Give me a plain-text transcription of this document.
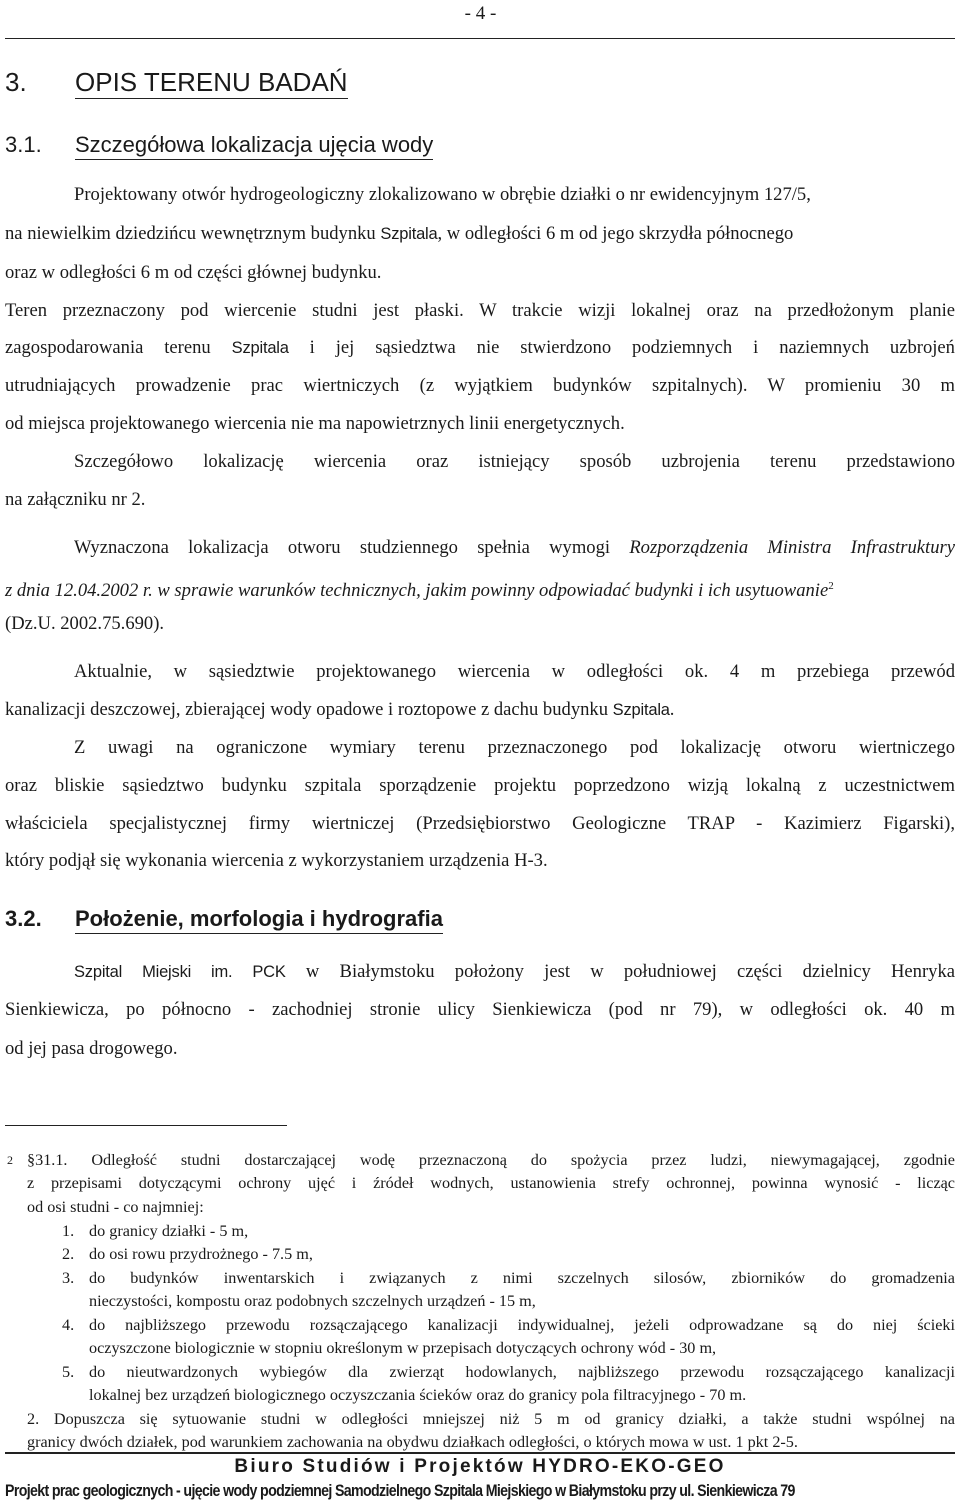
- 4 -
3. OPIS TERENU BADAŃ
3.1. Szczegółowa lokalizacja ujęcia wody
Projektowany otwór hydrogeologiczny zlokalizowano w obrębie działki o nr ewidencyjnym 127/5,
na niewielkim dziedzińcu wewnętrznym budynku Szpitala, w odległości 6 m od jego skrzydła północnego
oraz w odległości 6 m od części głównej budynku.
Teren przeznaczony pod wiercenie studni jest płaski. W trakcie wizji lokalnej oraz na przedłożonym planie
zagospodarowania terenu Szpitala i jej sąsiedztwa nie stwierdzono podziemnych i naziemnych uzbrojeń
utrudniających prowadzenie prac wiertniczych (z wyjątkiem budynków szpitalnych). W promieniu 30 m
od miejsca projektowanego wiercenia nie ma napowietrznych linii energetycznych.
Szczegółowo lokalizację wiercenia oraz istniejący sposób uzbrojenia terenu przedstawiono
na załączniku nr 2.
Wyznaczona lokalizacja otworu studziennego spełnia wymogi Rozporządzenia Ministra Infrastruktury
z dnia 12.04.2002 r. w sprawie warunków technicznych, jakim powinny odpowiadać budynki i ich usytuowanie$^2$
(Dz.U. 2002.75.690).
Aktualnie, w sąsiedztwie projektowanego wiercenia w odległości ok. 4 m przebiega przewód
kanalizacji deszczowej, zbierającej wody opadowe i roztopowe z dachu budynku Szpitala.
Z uwagi na ograniczone wymiary terenu przeznaczonego pod lokalizację otworu wiertniczego
oraz bliskie sąsiedztwo budynku szpitala sporządzenie projektu poprzedzono wizją lokalną z uczestnictwem
właściciela specjalistycznej firmy wiertniczej (Przedsiębiorstwo Geologiczne TRAP - Kazimierz Figarski),
który podjął się wykonania wiercenia z wykorzystaniem urządzenia H-3.
3.2. Położenie, morfologia i hydrografia
Szpital Miejski im. PCK w Białymstoku położony jest w południowej części dzielnicy Henryka
Sienkiewicza, po północno - zachodniej stronie ulicy Sienkiewicza (pod nr 79), w odległości ok. 40 m
od jej pasa drogowego.
2 §31.1. Odległość studni dostarczającej wodę przeznaczoną do spożycia przez ludzi, niewymagającej, zgodnie
z przepisami dotyczącymi ochrony ujęć i źródeł wodnych, ustanowienia strefy ochronnej, powinna wynosić - licząc
od osi studni - co najmniej:
1. do granicy działki - 5 m,
2. do osi rowu przydrożnego - 7.5 m,
3. do budynków inwentarskich i związanych z nimi szczelnych silosów, zbiorników do gromadzenia
nieczystości, kompostu oraz podobnych szczelnych urządzeń - 15 m,
4. do najbliższego przewodu rozsączającego kanalizacji indywidualnej, jeżeli odprowadzane są do niej ścieki
oczyszczone biologicznie w stopniu określonym w przepisach dotyczących ochrony wód - 30 m,
5. do nieutwardzonych wybiegów dla zwierząt hodowlanych, najbliższego przewodu rozsączającego kanalizacji
lokalnej bez urządzeń biologicznego oczyszczania ścieków oraz do granicy pola filtracyjnego - 70 m.
2. Dopuszcza się sytuowanie studni w odległości mniejszej niż 5 m od granicy działki, a także studni wspólnej na
granicy dwóch działek, pod warunkiem zachowania na obydwu działkach odległości, o których mowa w ust. 1 pkt 2-5.
Biuro Studiów i Projektów HYDRO-EKO-GEO
Projekt prac geologicznych - ujęcie wody podziemnej Samodzielnego Szpitala Miejskiego w Białymstoku przy ul. Sienkiewicza 79
